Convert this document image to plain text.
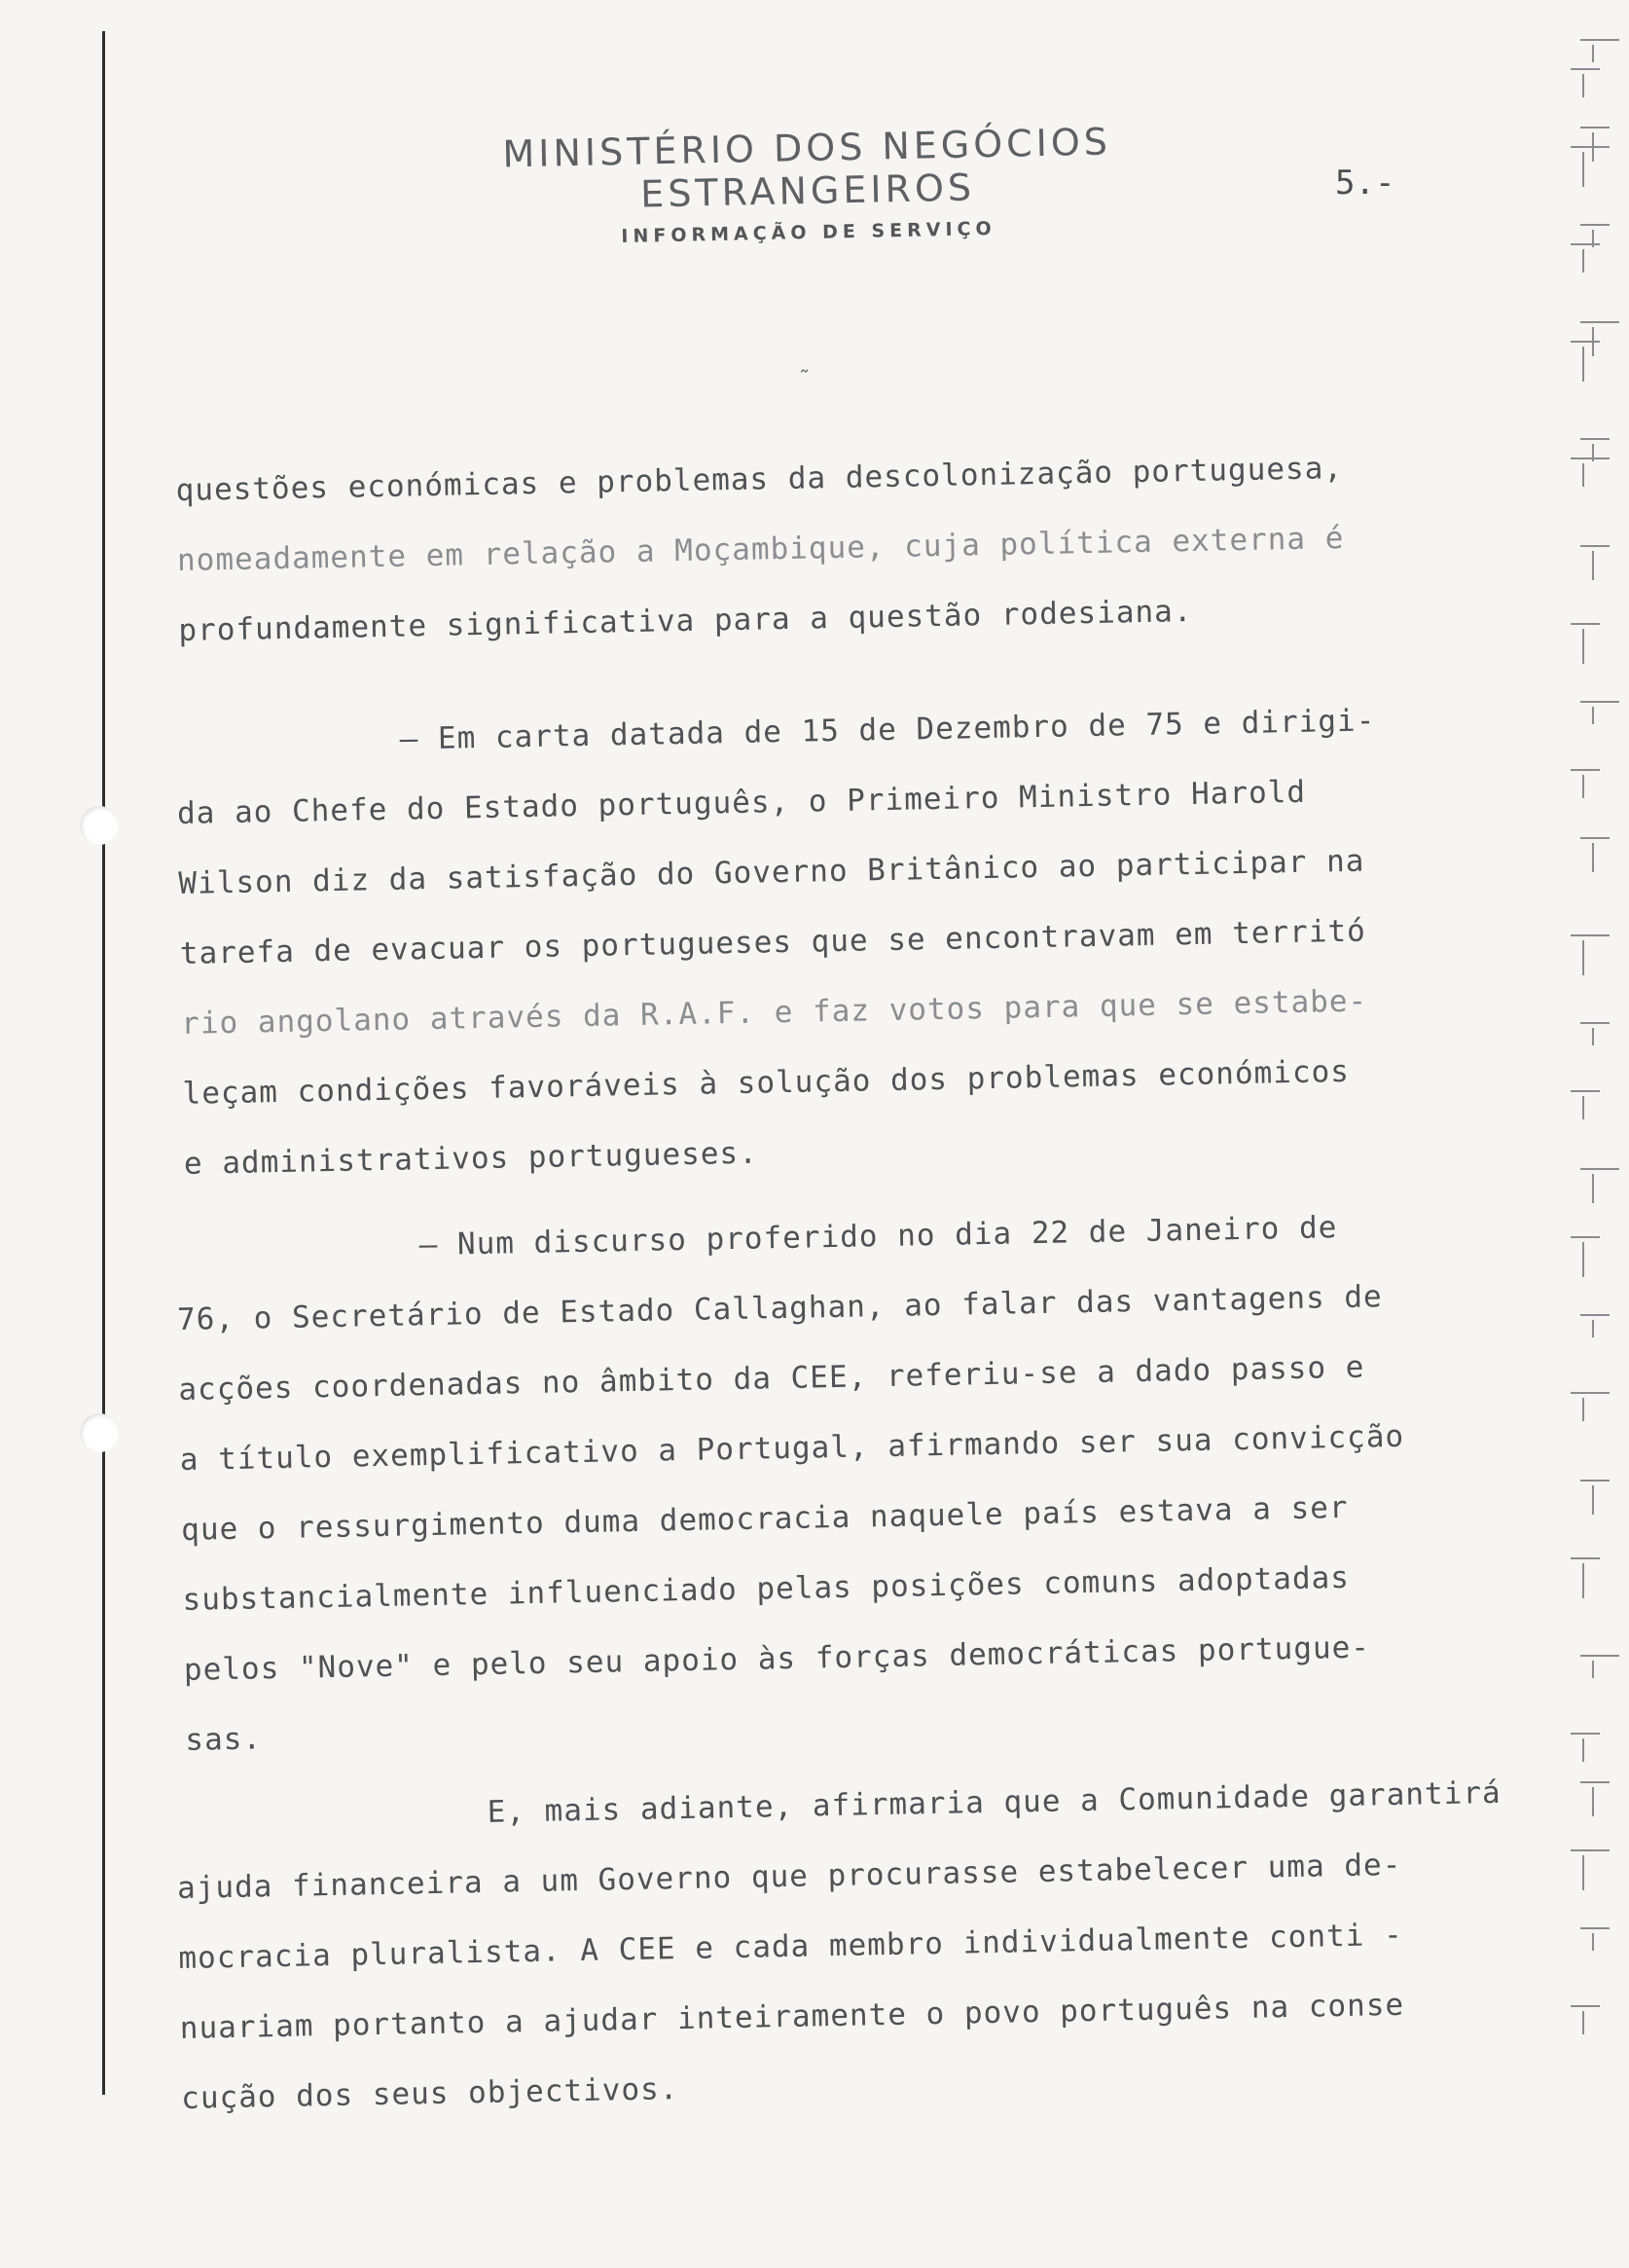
MINISTÉRIO DOS NEGÓCIOS ESTRANGEIROS
INFORMAÇÃO DE SERVIÇO
5.-
˜
questões económicas e problemas da descolonização portuguesa,
nomeadamente em relação a Moçambique, cuja política externa é
profundamente significativa para a questão rodesiana.
— Em carta datada de 15 de Dezembro de 75 e dirigi-
da ao Chefe do Estado português, o Primeiro Ministro Harold
Wilson diz da satisfação do Governo Britânico ao participar na
tarefa de evacuar os portugueses que se encontravam em territó
rio angolano através da R.A.F. e faz votos para que se estabe-
leçam condições favoráveis à solução dos problemas económicos
e administrativos portugueses.
— Num discurso proferido no dia 22 de Janeiro de
76, o Secretário de Estado Callaghan, ao falar das vantagens de
acções coordenadas no âmbito da CEE, referiu-se a dado passo e
a título exemplificativo a Portugal, afirmando ser sua convicção
que o ressurgimento duma democracia naquele país estava a ser
substancialmente influenciado pelas posições comuns adoptadas
pelos "Nove" e pelo seu apoio às forças democráticas portugue-
sas.
E, mais adiante, afirmaria que a Comunidade garantirá
ajuda financeira a um Governo que procurasse estabelecer uma de-
mocracia pluralista. A CEE e cada membro individualmente conti -
nuariam portanto a ajudar inteiramente o povo português na conse
cução dos seus objectivos.
